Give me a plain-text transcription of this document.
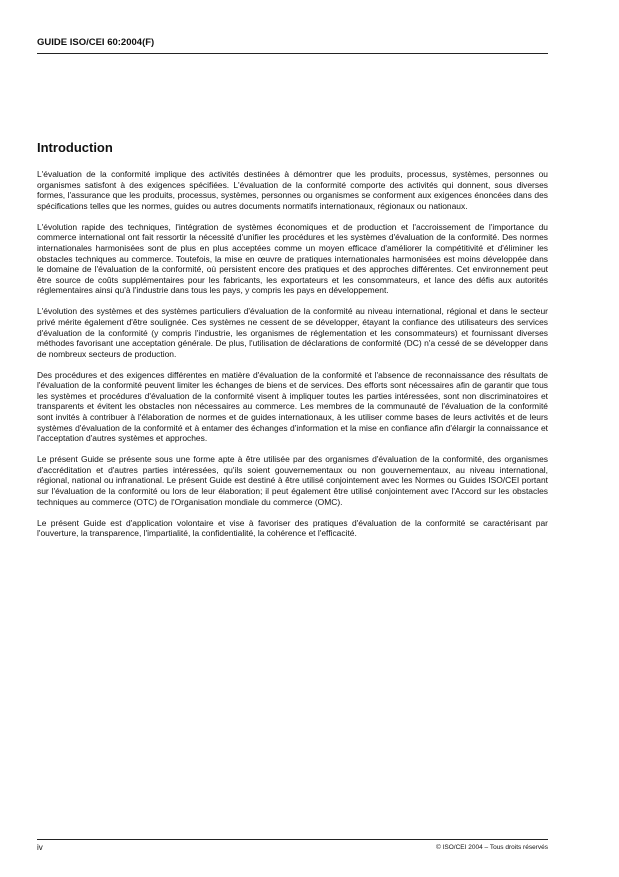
GUIDE ISO/CEI 60:2004(F)
Introduction

L'évaluation de la conformité implique des activités destinées à démontrer que les produits, processus, systèmes, personnes ou organismes satisfont à des exigences spécifiées. L'évaluation de la conformité comporte des activités qui donnent, sous diverses formes, l'assurance que les produits, processus, systèmes, personnes ou organismes se conforment aux exigences énoncées dans des spécifications telles que les normes, guides ou autres documents normatifs internationaux, régionaux ou nationaux.

L'évolution rapide des techniques, l'intégration de systèmes économiques et de production et l'accroissement de l'importance du commerce international ont fait ressortir la nécessité d'unifier les procédures et les systèmes d'évaluation de la conformité. Des normes internationales harmonisées sont de plus en plus acceptées comme un moyen efficace d'améliorer la compétitivité et d'éliminer les obstacles techniques au commerce. Toutefois, la mise en œuvre de pratiques internationales harmonisées est moins développée dans le domaine de l'évaluation de la conformité, où persistent encore des pratiques et des approches différentes. Cet environnement peut être source de coûts supplémentaires pour les fabricants, les exportateurs et les consommateurs, et lance des défis aux autorités réglementaires ainsi qu'à l'industrie dans tous les pays, y compris les pays en développement.

L'évolution des systèmes et des systèmes particuliers d'évaluation de la conformité au niveau international, régional et dans le secteur privé mérite également d'être soulignée. Ces systèmes ne cessent de se développer, étayant la confiance des utilisateurs des services d'évaluation de la conformité (y compris l'industrie, les organismes de réglementation et les consommateurs) et fournissant diverses méthodes favorisant une acceptation générale. De plus, l'utilisation de déclarations de conformité (DC) n'a cessé de se développer dans de nombreux secteurs de production.

Des procédures et des exigences différentes en matière d'évaluation de la conformité et l'absence de reconnaissance des résultats de l'évaluation de la conformité peuvent limiter les échanges de biens et de services. Des efforts sont nécessaires afin de garantir que tous les systèmes et procédures d'évaluation de la conformité visent à impliquer toutes les parties intéressées, sont non discriminatoires et transparents et évitent les obstacles non nécessaires au commerce. Les membres de la communauté de l'évaluation de la conformité sont invités à contribuer à l'élaboration de normes et de guides internationaux, à les utiliser comme bases de leurs activités et de leurs systèmes d'évaluation de la conformité et à entamer des échanges d'information et la mise en confiance afin d'élargir la connaissance et l'acceptation d'autres systèmes et approches.

Le présent Guide se présente sous une forme apte à être utilisée par des organismes d'évaluation de la conformité, des organismes d'accréditation et d'autres parties intéressées, qu'ils soient gouvernementaux ou non gouvernementaux, au niveau international, régional, national ou infranational. Le présent Guide est destiné à être utilisé conjointement avec les Normes ou Guides ISO/CEI portant sur l'évaluation de la conformité ou lors de leur élaboration; il peut également être utilisé conjointement avec l'Accord sur les obstacles techniques au commerce (OTC) de l'Organisation mondiale du commerce (OMC).

Le présent Guide est d'application volontaire et vise à favoriser des pratiques d'évaluation de la conformité se caractérisant par l'ouverture, la transparence, l'impartialité, la confidentialité, la cohérence et l'efficacité.

iv	© ISO/CEI 2004 – Tous droits réservés
